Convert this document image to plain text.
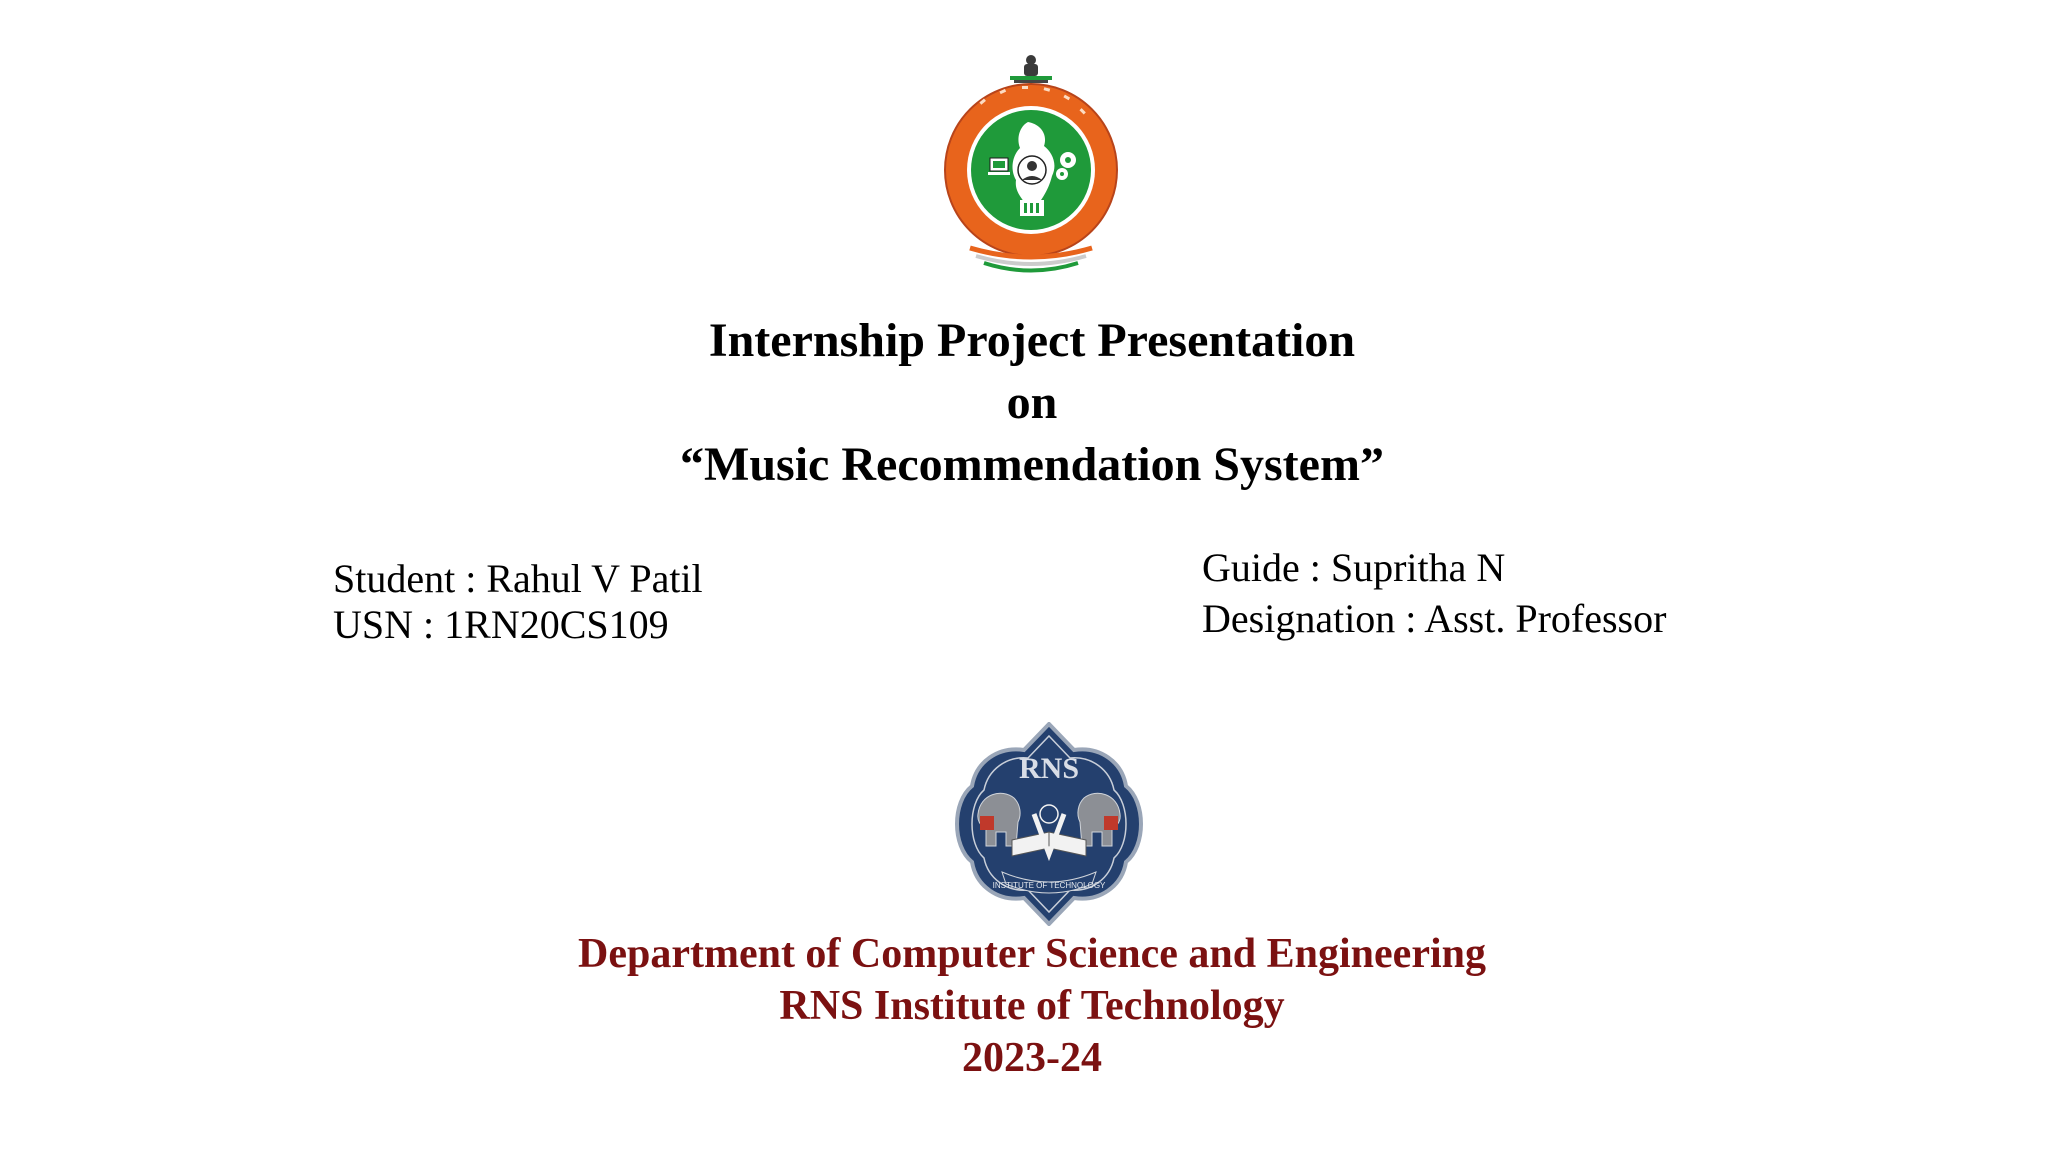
Internship Project Presentation
on
“Music Recommendation System”
Student : Rahul V Patil
USN : 1RN20CS109
Guide : Supritha N
Designation : Asst. Professor
RNS
INSTITUTE OF TECHNOLOGY
Department of Computer Science and Engineering
RNS Institute of Technology
2023-24
